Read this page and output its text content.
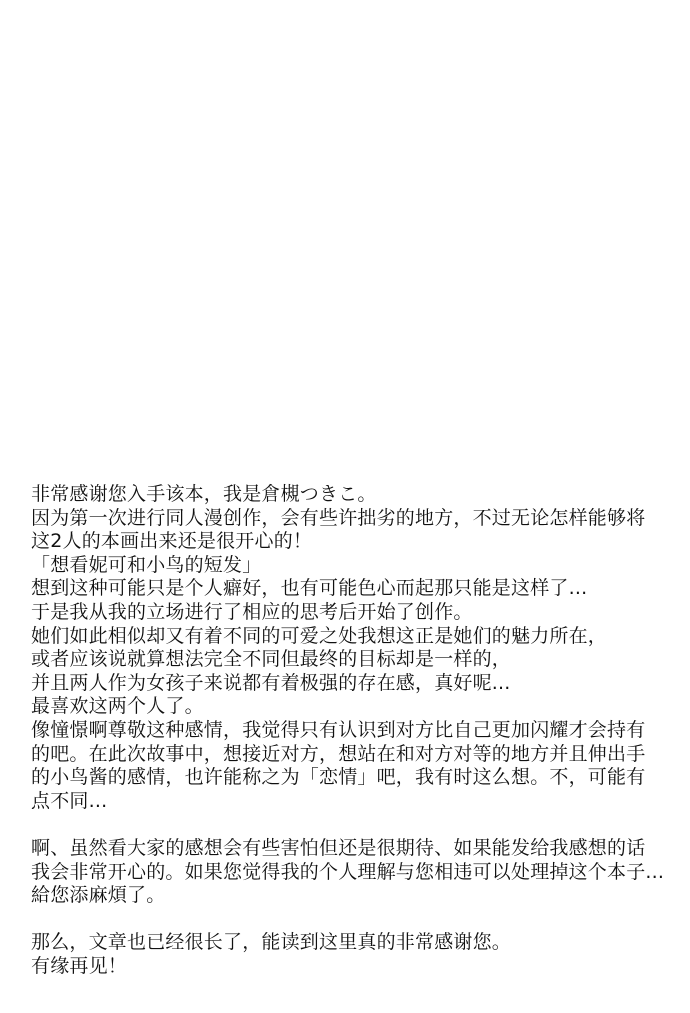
非常感谢您入手该本，我是倉槻つきこ。
因为第一次进行同人漫创作，会有些许拙劣的地方，不过无论怎样能够将
这2人的本画出来还是很开心的！
「想看妮可和小鸟的短发」
想到这种可能只是个人癖好，也有可能色心而起那只能是这样了...
于是我从我的立场进行了相应的思考后开始了创作。
她们如此相似却又有着不同的可爱之处我想这正是她们的魅力所在，
或者应该说就算想法完全不同但最终的目标却是一样的，
并且两人作为女孩子来说都有着极强的存在感，真好呢...
最喜欢这两个人了。
像憧憬啊尊敬这种感情，我觉得只有认识到对方比自己更加闪耀才会持有
的吧。在此次故事中，想接近对方，想站在和对方对等的地方并且伸出手
的小鸟酱的感情，也许能称之为「恋情」吧，我有时这么想。不，可能有
点不同...
啊、虽然看大家的感想会有些害怕但还是很期待、如果能发给我感想的话
我会非常开心的。如果您觉得我的个人理解与您相违可以处理掉这个本子...
給您添麻煩了。
那么，文章也已经很长了，能读到这里真的非常感谢您。
有缘再见！
